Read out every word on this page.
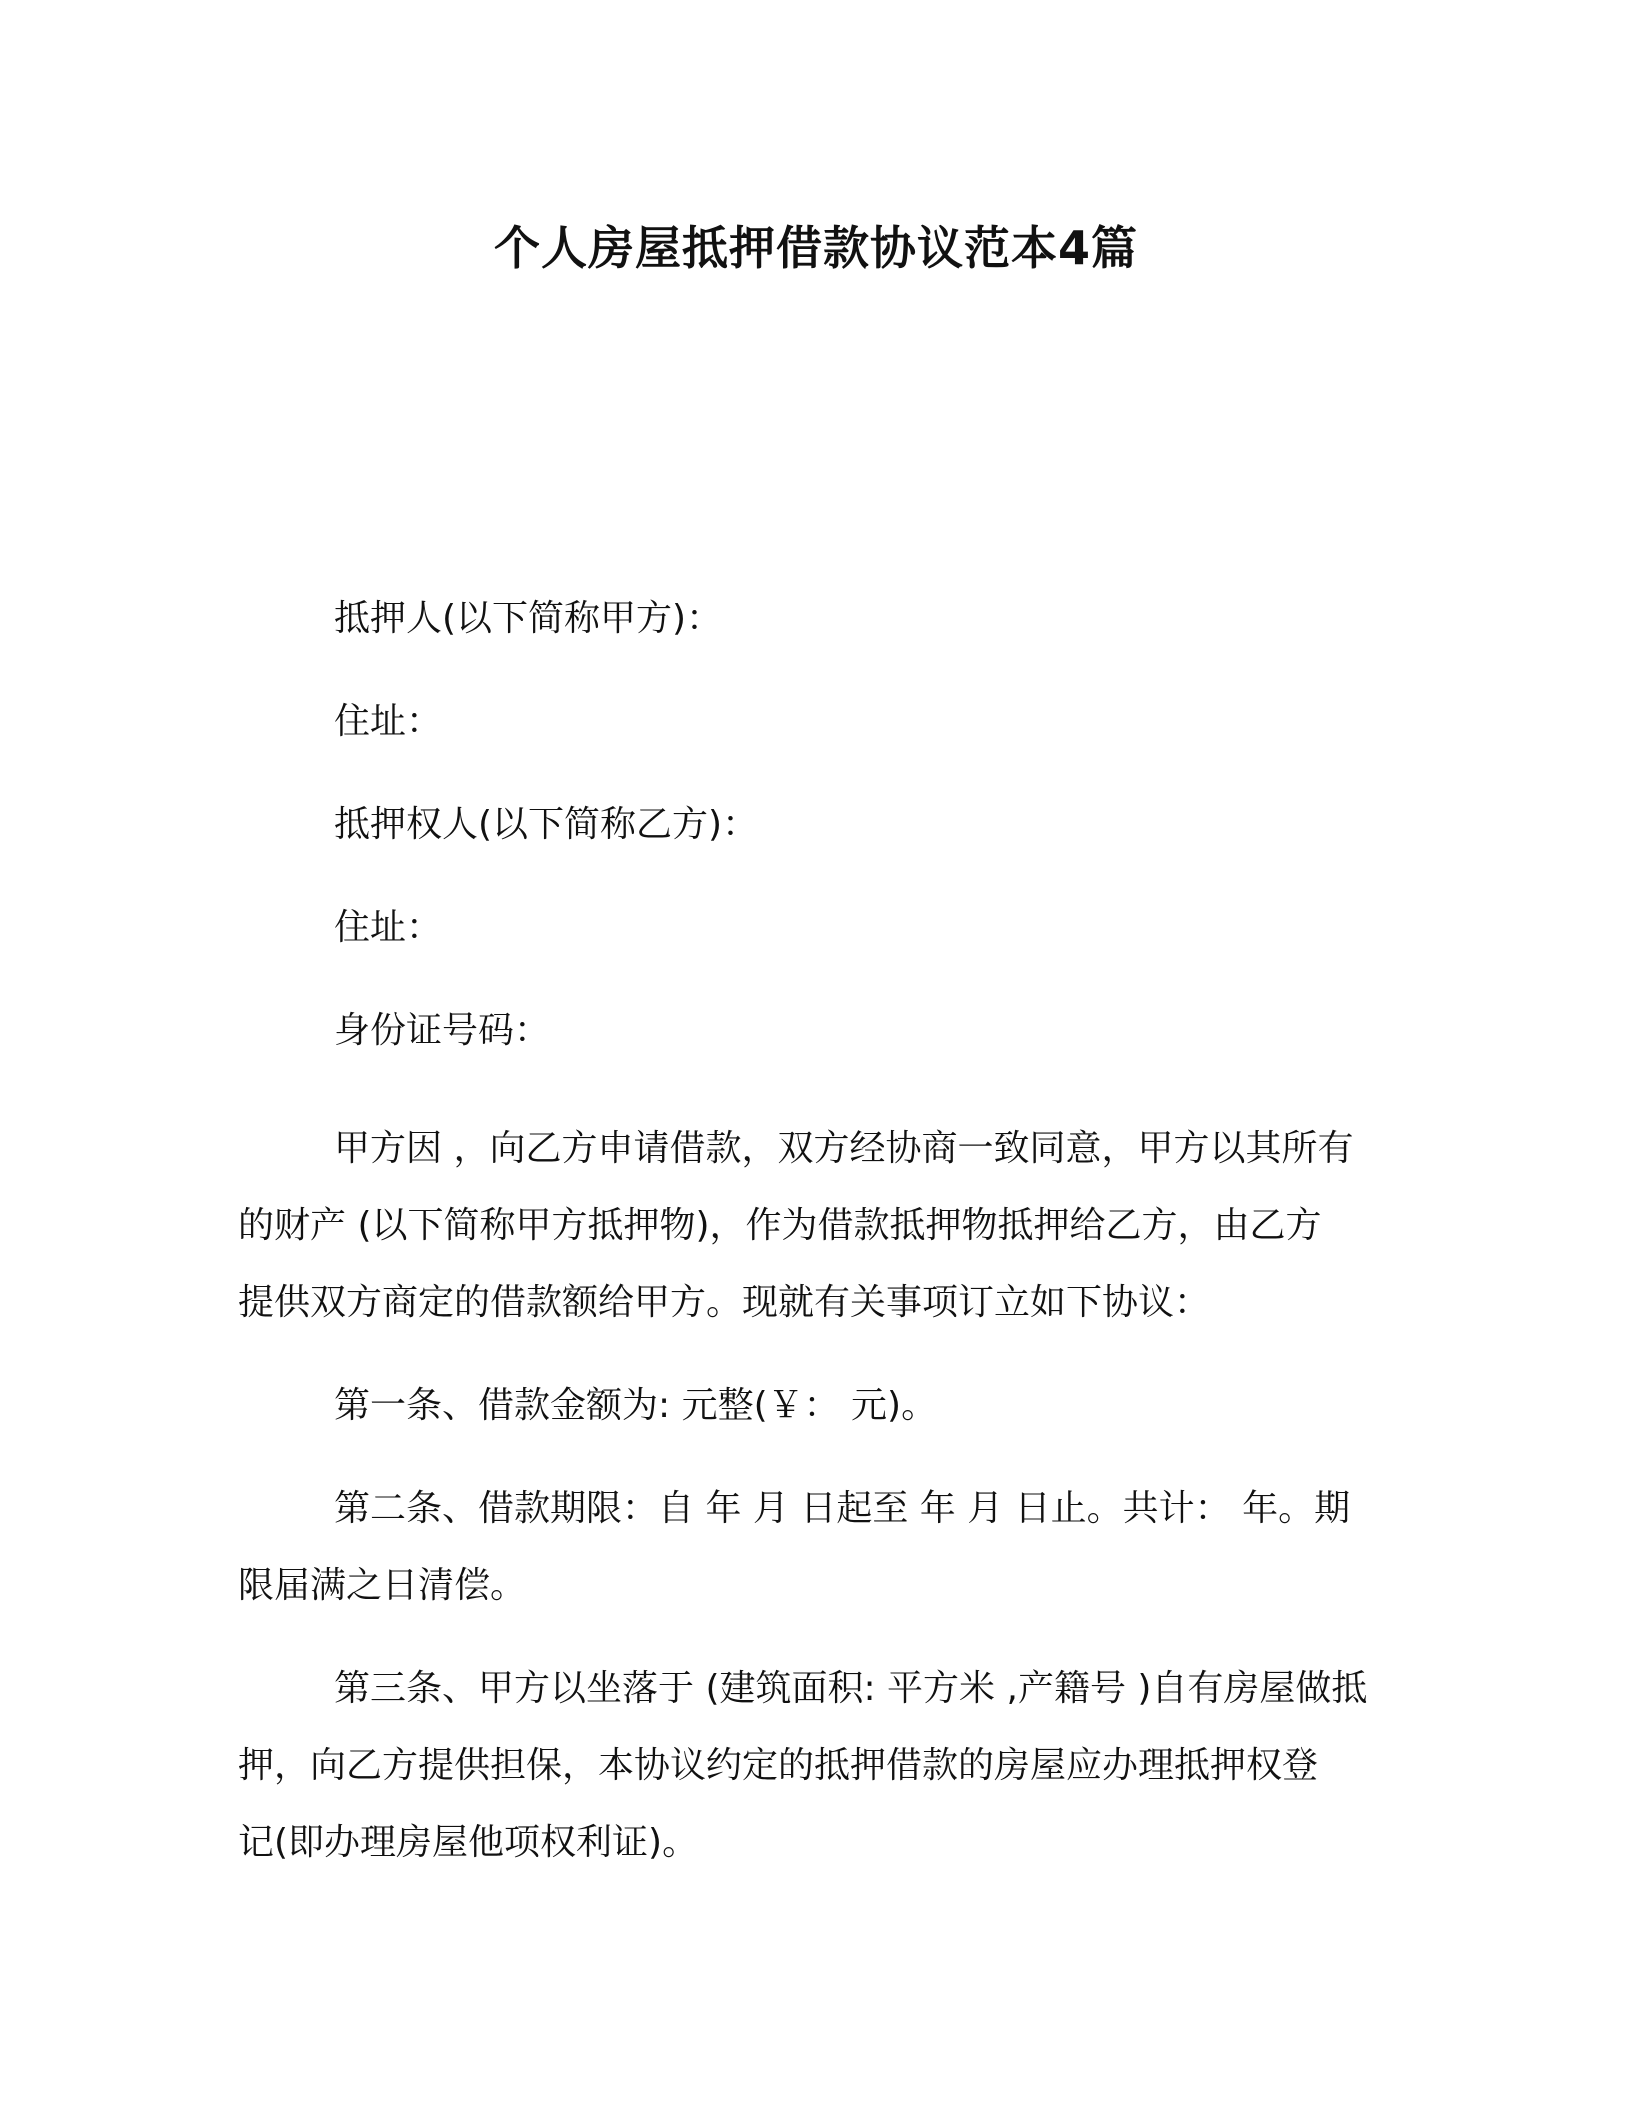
个人房屋抵押借款协议范本4篇
抵押人(以下简称甲方)：
住址：
抵押权人(以下简称乙方)：
住址：
身份证号码：
甲方因 ，向乙方申请借款，双方经协商一致同意，甲方以其所有
的财产 (以下简称甲方抵押物)，作为借款抵押物抵押给乙方，由乙方
提供双方商定的借款额给甲方。现就有关事项订立如下协议：
第一条、借款金额为: 元整(￥： 元)。
第二条、借款期限：自 年 月 日起至 年 月 日止。共计： 年。期
限届满之日清偿。
第三条、甲方以坐落于 (建筑面积: 平方米 ,产籍号 )自有房屋做抵
押，向乙方提供担保，本协议约定的抵押借款的房屋应办理抵押权登
记(即办理房屋他项权利证)。
